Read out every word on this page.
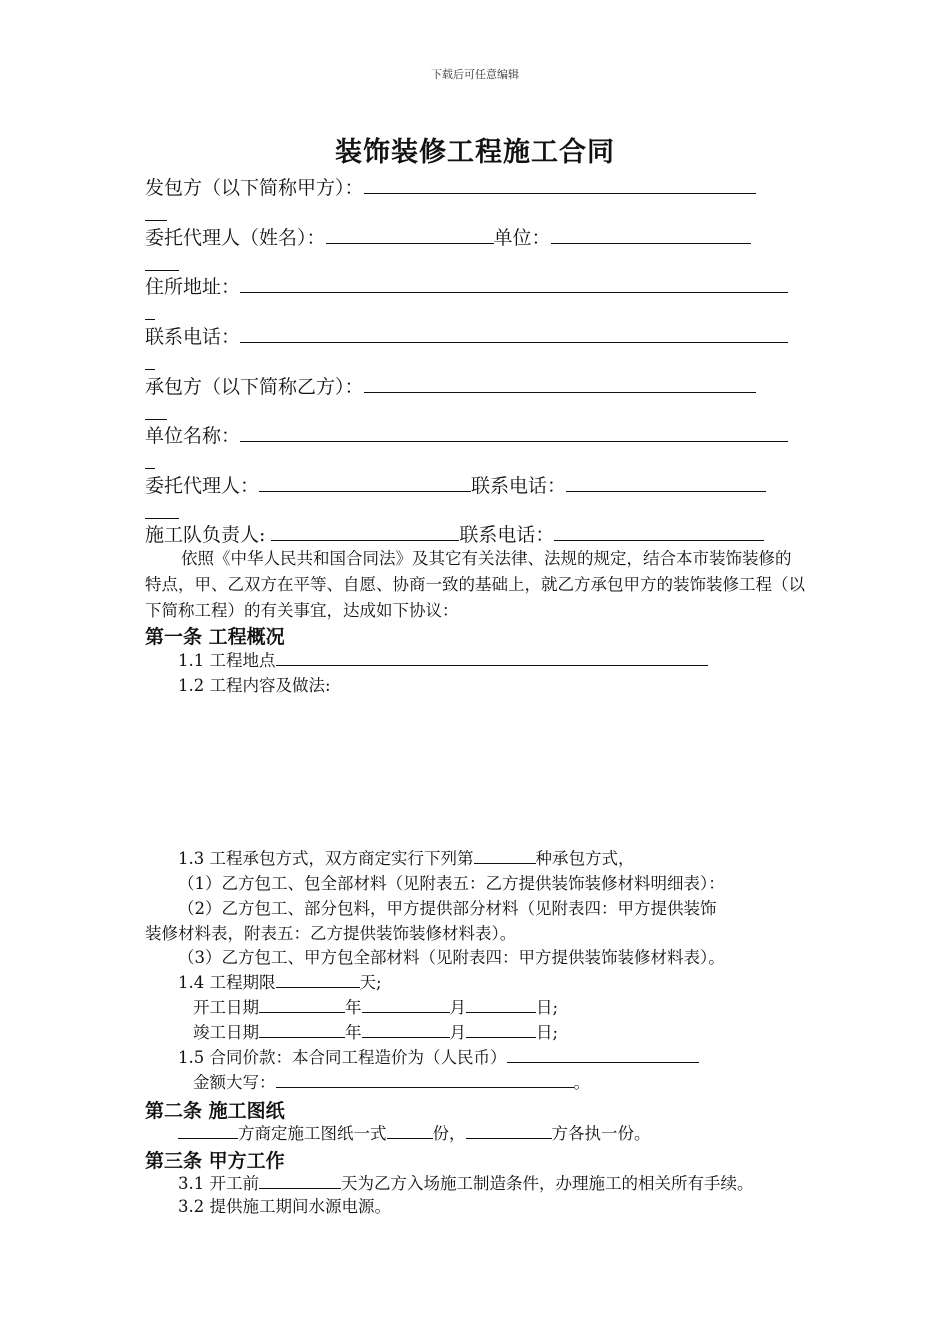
下载后可任意编辑
装饰装修工程施工合同
发包方（以下简称甲方）：
委托代理人（姓名）：	单位：
住所地址：
联系电话：
承包方（以下简称乙方）：
单位名称：
委托代理人：	联系电话：
施工队负责人:	联系电话：
依照《中华人民共和国合同法》及其它有关法律、法规的规定，结合本市装饰装修的特点，甲、乙双方在平等、自愿、协商一致的基础上，就乙方承包甲方的装饰装修工程（以下简称工程）的有关事宜，达成如下协议：
第一条 工程概况
1.1 工程地点
1.2 工程内容及做法:
1.3 工程承包方式，双方商定实行下列第	种承包方式，
（1）乙方包工、包全部材料（见附表五：乙方提供装饰装修材料明细表）：
（2）乙方包工、部分包料，甲方提供部分材料（见附表四：甲方提供装饰
装修材料表，附表五：乙方提供装饰装修材料表）。
（3）乙方包工、甲方包全部材料（见附表四：甲方提供装饰装修材料表）。
1.4 工程期限	天;
开工日期	年	月	日;
竣工日期	年	月	日;
1.5 合同价款：本合同工程造价为（人民币）
金额大写：	。
第二条 施工图纸
方商定施工图纸一式	份，	方各执一份。
第三条 甲方工作
3.1 开工前	天为乙方入场施工制造条件，办理施工的相关所有手续。
3.2 提供施工期间水源电源。
